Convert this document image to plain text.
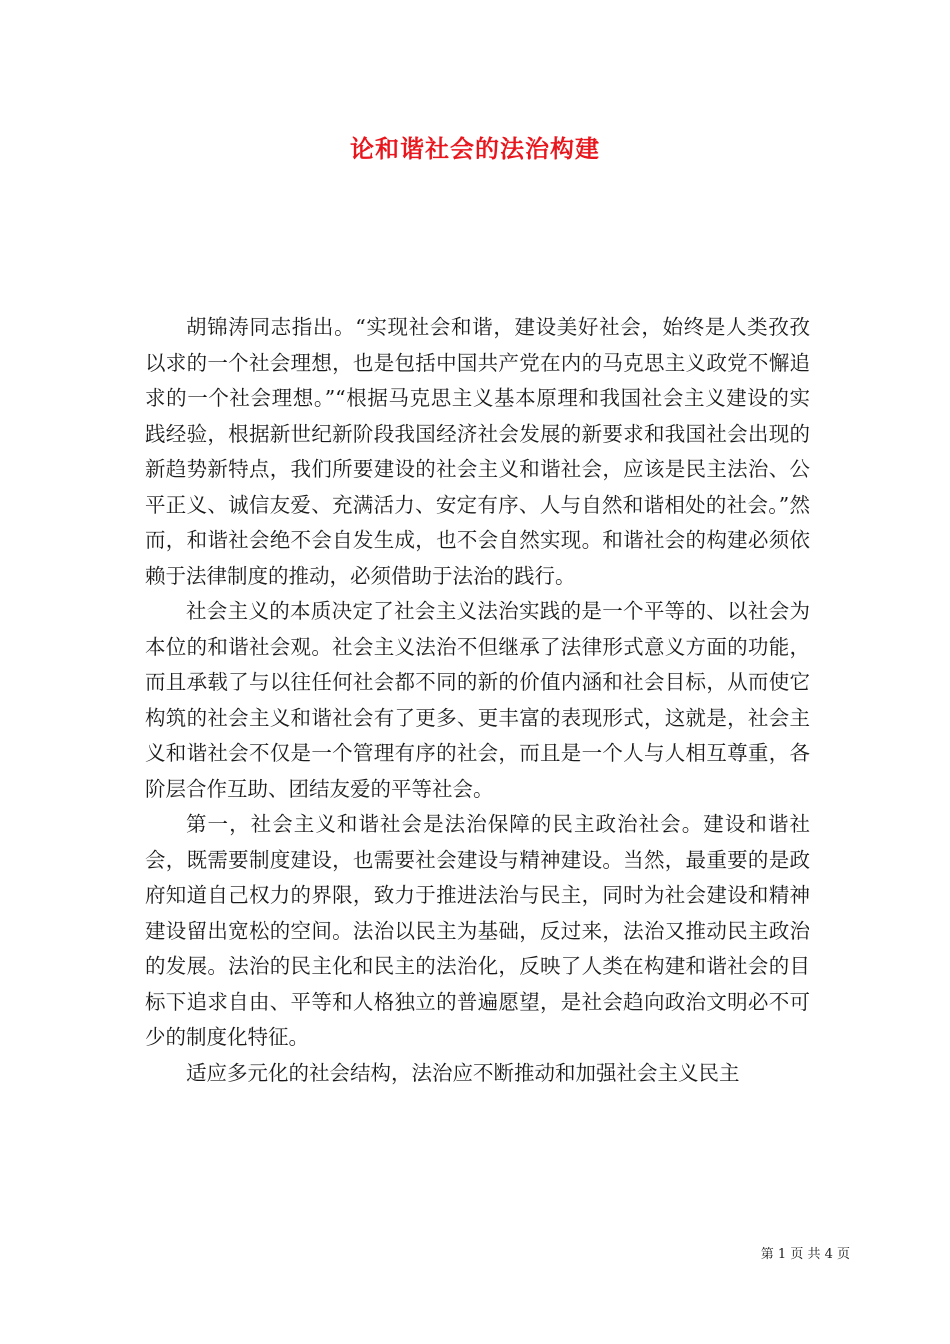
论和谐社会的法治构建

胡锦涛同志指出。“实现社会和谐，建设美好社会，始终是人类孜孜以求的一个社会理想，也是包括中国共产党在内的马克思主义政党不懈追求的一个社会理想。”“根据马克思主义基本原理和我国社会主义建设的实践经验，根据新世纪新阶段我国经济社会发展的新要求和我国社会出现的新趋势新特点，我们所要建设的社会主义和谐社会，应该是民主法治、公平正义、诚信友爱、充满活力、安定有序、人与自然和谐相处的社会。”然而，和谐社会绝不会自发生成，也不会自然实现。和谐社会的构建必须依赖于法律制度的推动，必须借助于法治的践行。

社会主义的本质决定了社会主义法治实践的是一个平等的、以社会为本位的和谐社会观。社会主义法治不但继承了法律形式意义方面的功能，而且承载了与以往任何社会都不同的新的价值内涵和社会目标，从而使它构筑的社会主义和谐社会有了更多、更丰富的表现形式，这就是，社会主义和谐社会不仅是一个管理有序的社会，而且是一个人与人相互尊重，各阶层合作互助、团结友爱的平等社会。

第一，社会主义和谐社会是法治保障的民主政治社会。建设和谐社会，既需要制度建设，也需要社会建设与精神建设。当然，最重要的是政府知道自己权力的界限，致力于推进法治与民主，同时为社会建设和精神建设留出宽松的空间。法治以民主为基础，反过来，法治又推动民主政治的发展。法治的民主化和民主的法治化，反映了人类在构建和谐社会的目标下追求自由、平等和人格独立的普遍愿望，是社会趋向政治文明必不可少的制度化特征。

适应多元化的社会结构，法治应不断推动和加强社会主义民主

第 1 页 共 4 页
